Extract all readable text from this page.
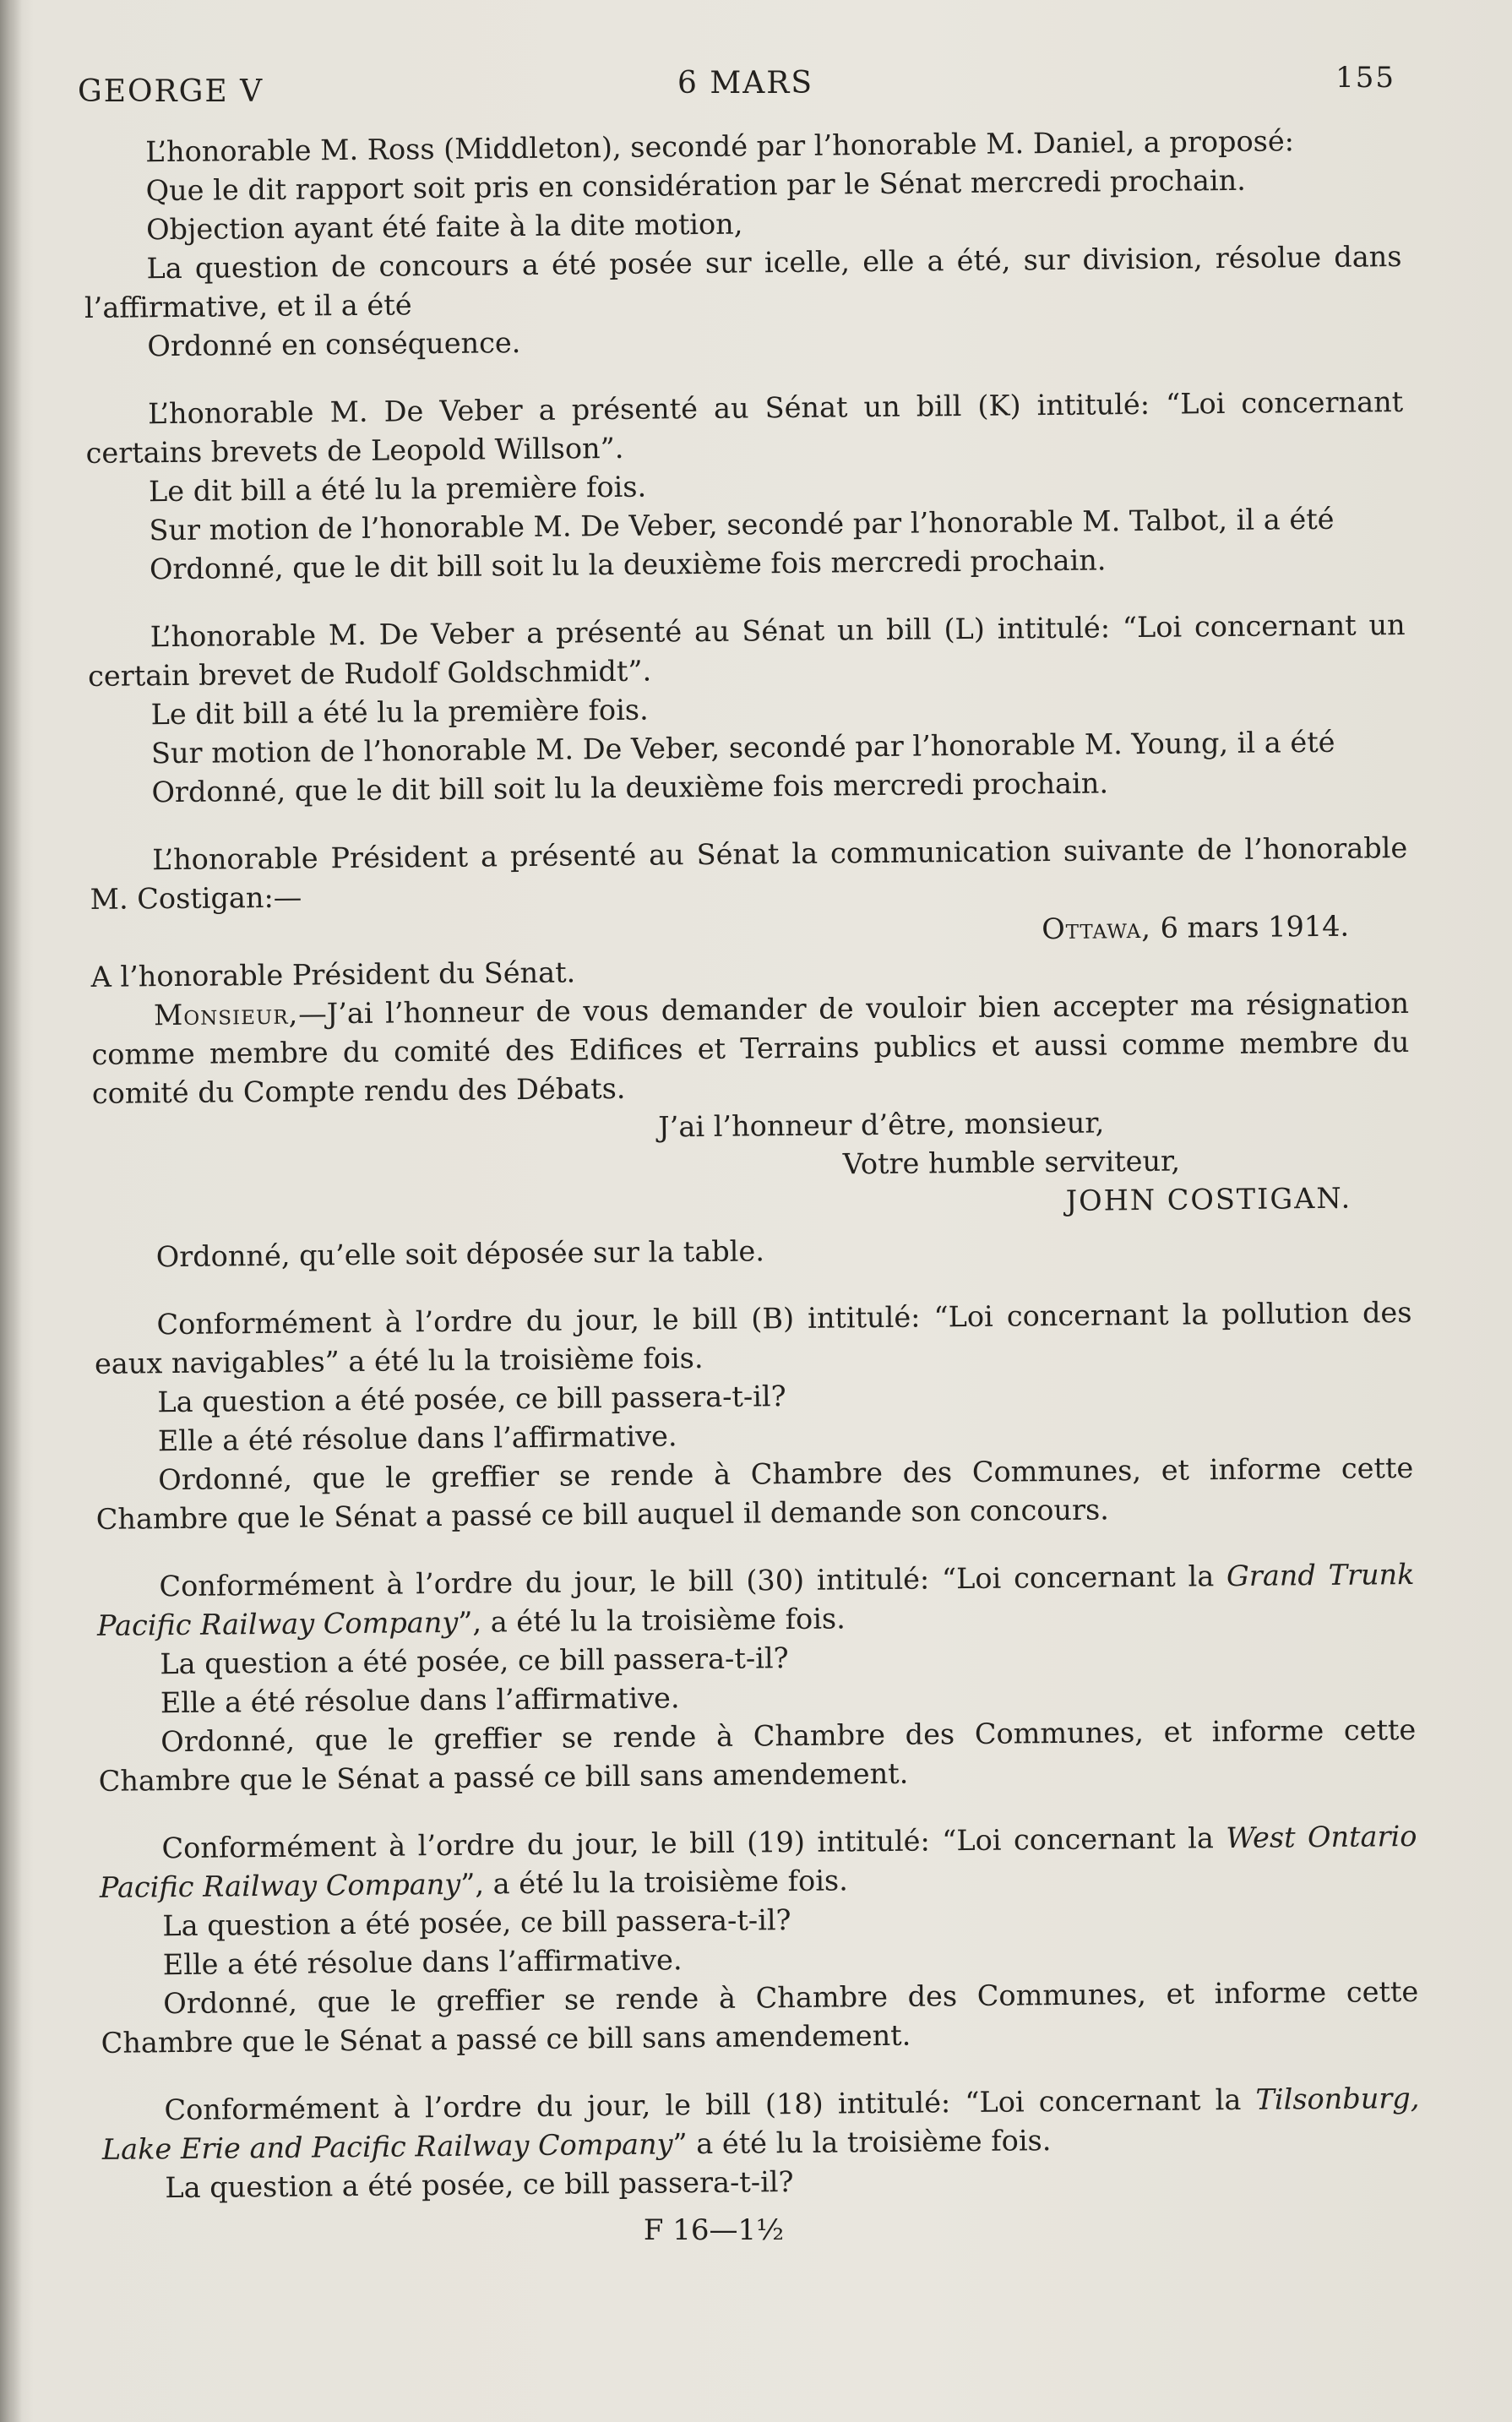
GEORGE V	6 MARS	155

L’honorable M. Ross (Middleton), secondé par l’honorable M. Daniel, a proposé:

Que le dit rapport soit pris en considération par le Sénat mercredi prochain.

Objection ayant été faite à la dite motion,

La question de concours a été posée sur icelle, elle a été, sur division, résolue dans l’affirmative, et il a été

Ordonné en conséquence.

L’honorable M. De Veber a présenté au Sénat un bill (K) intitulé: “Loi concernant certains brevets de Leopold Willson”.

Le dit bill a été lu la première fois.

Sur motion de l’honorable M. De Veber, secondé par l’honorable M. Talbot, il a été

Ordonné, que le dit bill soit lu la deuxième fois mercredi prochain.

L’honorable M. De Veber a présenté au Sénat un bill (L) intitulé: “Loi concernant un certain brevet de Rudolf Goldschmidt”.

Le dit bill a été lu la première fois.

Sur motion de l’honorable M. De Veber, secondé par l’honorable M. Young, il a été

Ordonné, que le dit bill soit lu la deuxième fois mercredi prochain.

L’honorable Président a présenté au Sénat la communication suivante de l’honorable M. Costigan:—

Ottawa, 6 mars 1914.

A l’honorable Président du Sénat.

Monsieur,—J’ai l’honneur de vous demander de vouloir bien accepter ma résignation comme membre du comité des Edifices et Terrains publics et aussi comme membre du comité du Compte rendu des Débats.

J’ai l’honneur d’être, monsieur,

Votre humble serviteur,

JOHN COSTIGAN.

Ordonné, qu’elle soit déposée sur la table.

Conformément à l’ordre du jour, le bill (B) intitulé: “Loi concernant la pollution des eaux navigables” a été lu la troisième fois.

La question a été posée, ce bill passera-t-il?

Elle a été résolue dans l’affirmative.

Ordonné, que le greffier se rende à Chambre des Communes, et informe cette Chambre que le Sénat a passé ce bill auquel il demande son concours.

Conformément à l’ordre du jour, le bill (30) intitulé: “Loi concernant la Grand Trunk Pacific Railway Company”, a été lu la troisième fois.

La question a été posée, ce bill passera-t-il?

Elle a été résolue dans l’affirmative.

Ordonné, que le greffier se rende à Chambre des Communes, et informe cette Chambre que le Sénat a passé ce bill sans amendement.

Conformément à l’ordre du jour, le bill (19) intitulé: “Loi concernant la West Ontario Pacific Railway Company”, a été lu la troisième fois.

La question a été posée, ce bill passera-t-il?

Elle a été résolue dans l’affirmative.

Ordonné, que le greffier se rende à Chambre des Communes, et informe cette Chambre que le Sénat a passé ce bill sans amendement.

Conformément à l’ordre du jour, le bill (18) intitulé: “Loi concernant la Tilsonburg, Lake Erie and Pacific Railway Company” a été lu la troisième fois.

La question a été posée, ce bill passera-t-il?

F 16—1½
